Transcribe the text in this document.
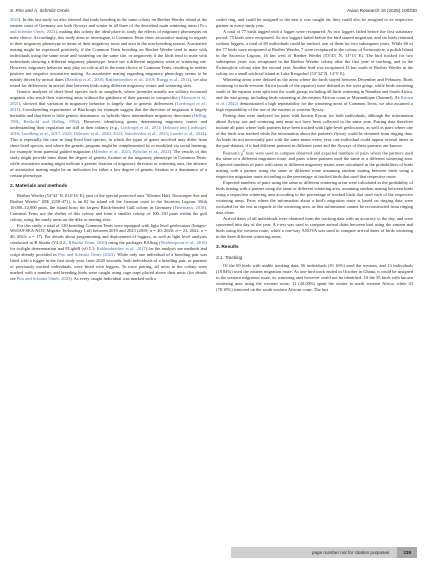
S. Piro and A. Schmitz Ornés	Avian Research 16 (2025) 100230

2022). In this last study we also showed that birds breeding in the same colony on Riether Werder island at the eastern coast of Germany use both flyways and winter in all three of the described main wintering areas (Piro and Schmitz Ornés, 2023), making this colony the ideal place to study the effects of migratory phenotypes on mate choice. Accordingly, this study aims to investigate, if Common Terns show assortative mating in regards to their migratory phenotype in terms of their migratory route and area in the non-breeding season. Assortative mating might be expressed positively, if the Common Terns breeding on Riether Werder tend to mate with individuals using the same route and wintering on the same site, or negatively if the birds tend to mate with individuals showing a different migratory phenotype, hence use a different migratory route or wintering site. However, migratory behavior may play no role at all in the mate choice of Common Terns, resulting in neither positive nor negative assortative mating. As assortative mating regarding migratory phenology seems to be mainly driven by arrival dates (Bearhop et al., 2005; Rakhimberdiev et al., 2019; Ruegg et al., 2012), we also tested for differences in arrival date between birds using different migratory routes and wintering sites.

Genetic analyses of short-lived species such as songbirds, where juveniles usually are solitary nocturnal migrants who reach their wintering areas without the guidance of their parents or conspecifics (Åkesson et al., 2021), showed that variation in migratory behavior is largely due to genetic differences (Liedvogel et al., 2011). Crossbreeding experiments of Blackcaps for example suggest that the direction of migration is largely heritable and that there is little genetic dominance, as hybrids show intermediate migratory directions (Helbig, 1991; Berthold and Helbig, 1992). However, identifying genes determining migratory routes and understanding their regulation are still in their infancy (e.g., Liedvogel et al., 2011; Delmore and Liedvogel, 2016; Lundberg et al., 2017, 2023; Delmore et al., 2020, 2023; Sokolovskis et al., 2023; Louder et al., 2024). This is especially the case in long-lived bird species, in which the types of genes involved may differ from short-lived species, and where the genetic program might be complemented by or modified via social learning, for example from parental guided migration (Méndez et al., 2021; Byholm et al., 2022). The results of this study might provide hints about the degree of genetic fixation of the migratory phenotype in Common Terns: while assortative mating might indicate a genetic fixation of migratory direction or wintering area, the absence of assortative mating might be an indication for either a low degree of genetic fixation or a dominance of a certain phenotype.

2. Materials and methods

Riether Werder (54°42′ N, 014°16′ E), part of the special protected area "Kleines Haff, Neuwarper See and Riether Werder" (DE_2250-471), is an 82 ha island off the German coast in the Szczecin Lagoon. With 10,000–12,000 pairs, the island hosts the largest Black-headed Gull colony in Germany (Herrmann, 2018). Common Terns use the shelter of this colony and form a smaller colony of 100–150 pairs within the gull colony, using the sandy areas on the dike as nesting sites.

For this study, a total of 120 breeding Common Terns were equipped with light level geolocators (Intigeo-W65A9-SEA-NOT, Migrate Technology Ltd) between 2019 and 2023 (2019: n = 40, 2020: n = 23, 2022: n = 40, 2023: n = 17). For details about programming and deployment of loggers, as well as light level analyses conducted in R Studio (V4.0.2., RStudio Team, 2020) using the packages BAStag (Wotherspoon et al., 2016) for twilight determination and FLightR (v0.5.1; Rakhimberdiev et al., 2017) for the analysis see methods and script already provided in Piro and Schmitz Ornés (2023). While only one individual of a breeding pair was fitted with a logger in the first study year, from 2020 onwards, both individuals of a breeding pair, or partners of previously tracked individuals, were fitted with loggers. To trace pairing, all nests in the colony were marked with a number, and breeding birds were caught using cage traps placed above their nests (for details see Piro and Schmitz Ornés, 2023). As every caught individual was marked with a

coded ring, and could be assigned to the nest it was caught on, they could also be assigned to its respective partner in every study year.

A total of 77 birds tagged with a logger were recaptured. As two loggers failed before the first stationary period, 75 birds were recaptured. As two loggers failed before the bird started migration, and six birds returned without loggers, a total of 69 individuals could be tracked, one of them for two subsequent years. While 66 of the 77 birds were recaptured at Riether Werder, 7 were recaptured in the colony of Świnoujście, a polish Island in the Szczecin Lagoon, 16 km west of Riether Werder (53°45′ N, 14°13′ E). The bird tracked for two subsequent years was recaptured in the Riether Werder colony after the first year of tracking, and in the Świnoujście colony after the second year. Another bird was recaptured 23 km south of Riether Werder in the colony on a small artificial island at Lake Krugsdorf (53°32′ N, 14°5′ E).

Wintering areas were defined as the areas where the birds stayed between December and February. Birds wintering in north-western Africa (south of the equator) were defined as the west group, while birds wintering south of the equator were split into the south group, including all birds wintering in Namibia and South Africa, and the east group, including birds wintering at the eastern African coast or Mozambique Channel). As Kürten et al. (2022) demonstrated a high repeatability for the wintering areas of Common Terns, we also assumed a high repeatability of the use of the eastern or western flyway.

Pairing data were analyzed for pairs with known flyway for both individuals, although the information about flyway use and wintering area must not have been collected in the same year. Pairing data therefore include all pairs where both partners have been tracked with light-level geolocators, as well as pairs where one of the birds was tracked while the information about the partner's flyway could be obtained from ringing data. As birds do not necessarily pair with the same mates every year, one individual could appear several times in the pair-dataset, if it had different partners in different years and the flyways of these partners are known.

Pearson's $\chi^2$ tests were used to compare observed and expected numbers of pairs where the partners used the same or a different migration route, and pairs where partners used the same or a different wintering area. Expected numbers of pairs with same or different migratory routes were calculated as the probabilities of birds mating with a partner using the same or different route assuming random mating between birds using a respective migration route according to the percentage of tracked birds that used that respective route.

Expected numbers of pairs using the same or different wintering areas were calculated as the probability of birds mating with a partner using the same or different wintering area, assuming random mating between birds using a respective wintering area according to the percentage of tracked birds that used each of the respective wintering areas. Pairs where the information about a bird's migration route is based on ringing data were excluded for the test in regards to the wintering area, as this information cannot be reconstructed from ringing data alone.

Arrival dates of all individuals were obtained from the tracking data with an accuracy to the day, and were converted into day of the year. A t-test was used to compare arrival dates between bird using the eastern and birds using the western route, while a one-way ANOVA was used to compare arrival dates of birds wintering in the three different wintering areas.

3. Results
3.1. Tracking

Of the 69 birds with usable tracking data, 56 individuals (81.16%) used the western, and 13 individuals (18.84%) used the eastern migration route. As one bird track ended in October in Ghana, it could be assigned to the western migration route, its wintering area however could not be identified. Of the 55 birds with known wintering area using the western route, 11 (20.00%) spent the winter in north western Africa, while 43 (78.18%) wintered on the south western African coast. The last

page number not for citation purposes	239
